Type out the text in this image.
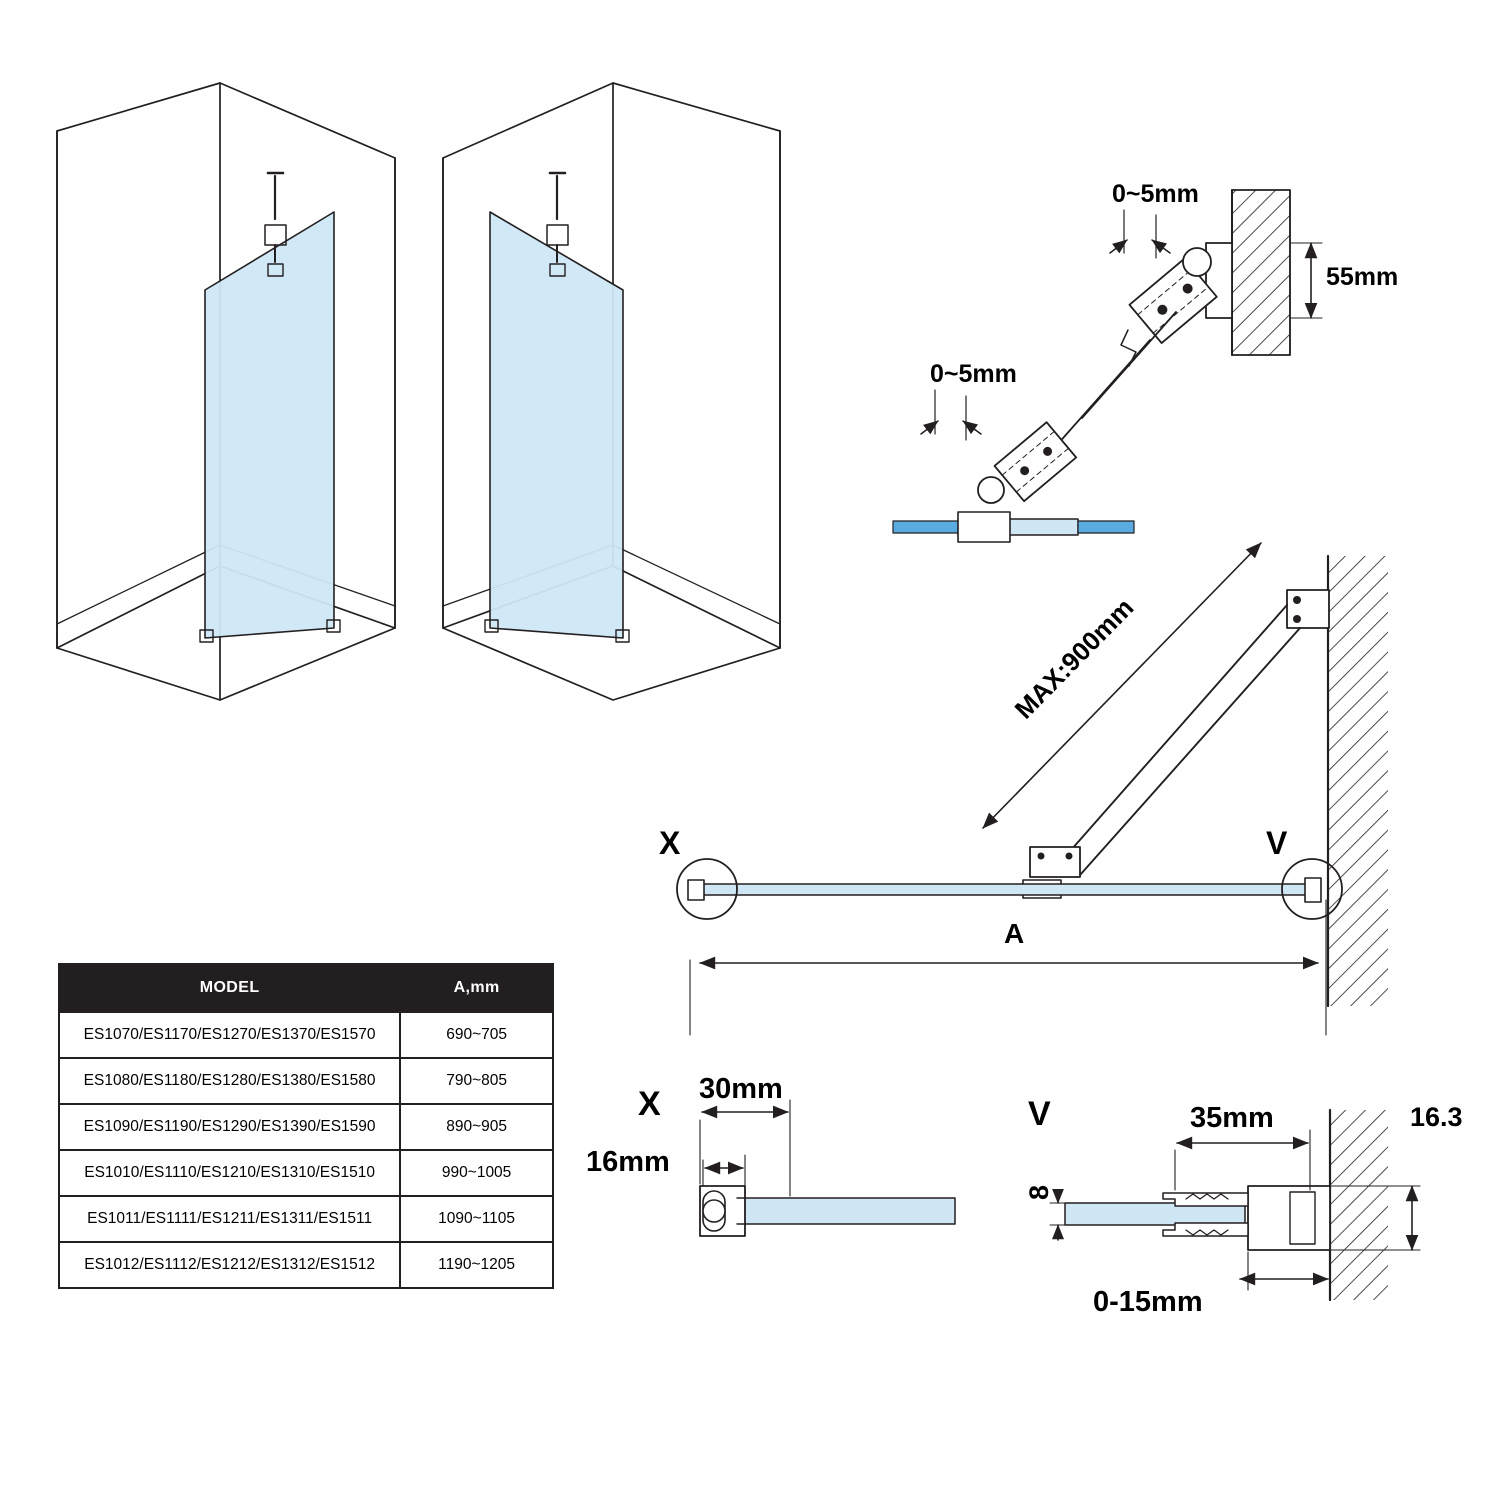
0~5mm
55mm
0~5mm
MAX:900mm
X	V
A
X 30mm
16mm
V	35mm	16.3
8
0-15mm
MODEL	A,mm
ES1070/ES1170/ES1270/ES1370/ES1570	690~705
ES1080/ES1180/ES1280/ES1380/ES1580	790~805
ES1090/ES1190/ES1290/ES1390/ES1590	890~905
ES1010/ES1110/ES1210/ES1310/ES1510	990~1005
ES1011/ES1111/ES1211/ES1311/ES1511	1090~1105
ES1012/ES1112/ES1212/ES1312/ES1512	1190~1205
